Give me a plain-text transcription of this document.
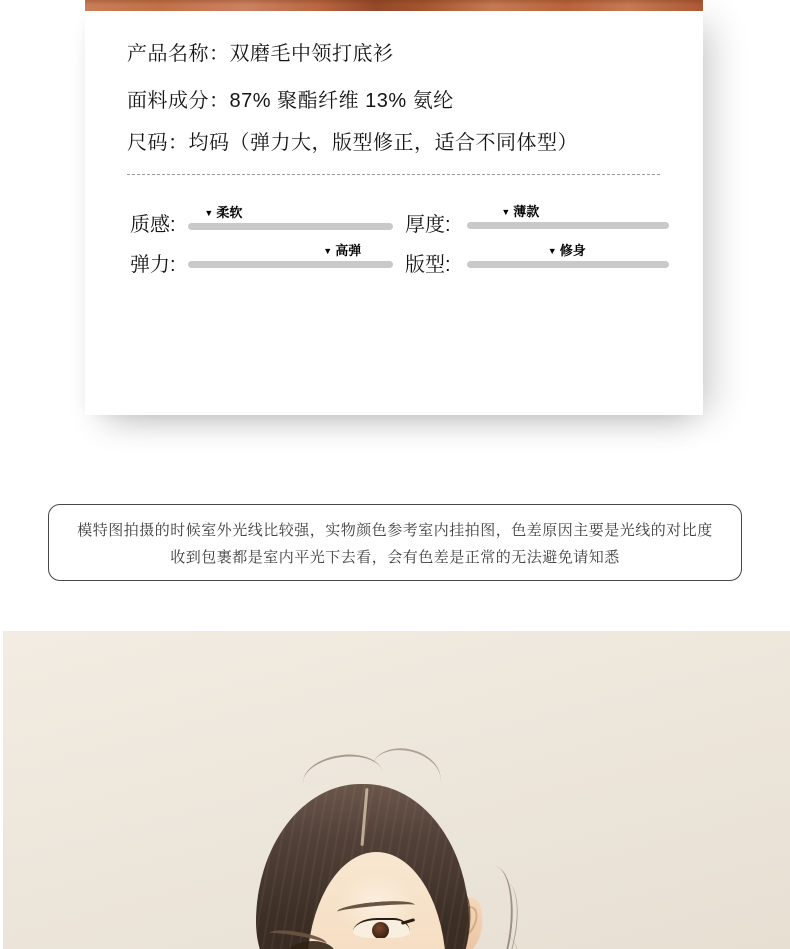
产品名称：双磨毛中领打底衫
面料成分：87% 聚酯纤维 13% 氨纶
尺码：均码（弹力大，版型修正，适合不同体型）
质感:
▼ 柔软
厚度:
▼ 薄款
弹力:
▼ 高弹
版型:
▼ 修身

模特图拍摄的时候室外光线比较强，实物颜色参考室内挂拍图，色差原因主要是光线的对比度

收到包裹都是室内平光下去看，会有色差是正常的无法避免请知悉
